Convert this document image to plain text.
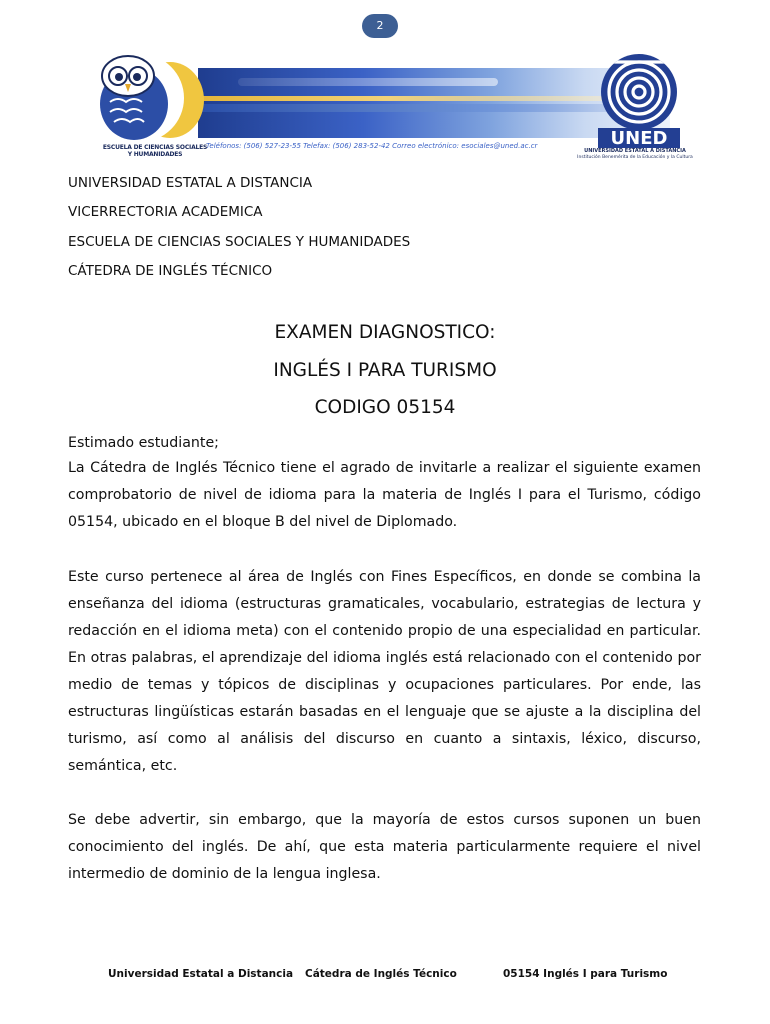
2
ESCUELA DE CIENCIAS SOCIALES
Y HUMANIDADES
Teléfonos: (506) 527-23-55 Telefax: (506) 283-52-42 Correo electrónico: esociales@uned.ac.cr	UNED
UNIVERSIDAD ESTATAL A DISTANCIA
Institución Benemérita de la Educación y la Cultura
UNIVERSIDAD ESTATAL A DISTANCIA
VICERRECTORIA ACADEMICA
ESCUELA DE CIENCIAS SOCIALES Y HUMANIDADES
CÁTEDRA DE INGLÉS TÉCNICO
EXAMEN DIAGNOSTICO:
INGLÉS I PARA TURISMO
CODIGO 05154
Estimado estudiante;

La Cátedra de Inglés Técnico tiene el agrado de invitarle a realizar el siguiente examen comprobatorio de nivel de idioma para la materia de Inglés I para el Turismo, código 05154, ubicado en el bloque B del nivel de Diplomado.

Este curso pertenece al área de Inglés con Fines Específicos, en donde se combina la enseñanza del idioma (estructuras gramaticales, vocabulario, estrategias de lectura y redacción en el idioma meta) con el contenido propio de una especialidad en particular. En otras palabras, el aprendizaje del idioma inglés está relacionado con el contenido por medio de temas y tópicos de disciplinas y ocupaciones particulares. Por ende, las estructuras lingüísticas estarán basadas en el lenguaje que se ajuste a la disciplina del turismo, así como al análisis del discurso en cuanto a sintaxis, léxico, discurso, semántica, etc.

Se debe advertir, sin embargo, que la mayoría de estos cursos suponen un buen conocimiento del inglés. De ahí, que esta materia particularmente requiere el nivel intermedio de dominio de la lengua inglesa.

Universidad Estatal a Distancia Cátedra de Inglés Técnico	05154 Inglés I para Turismo
